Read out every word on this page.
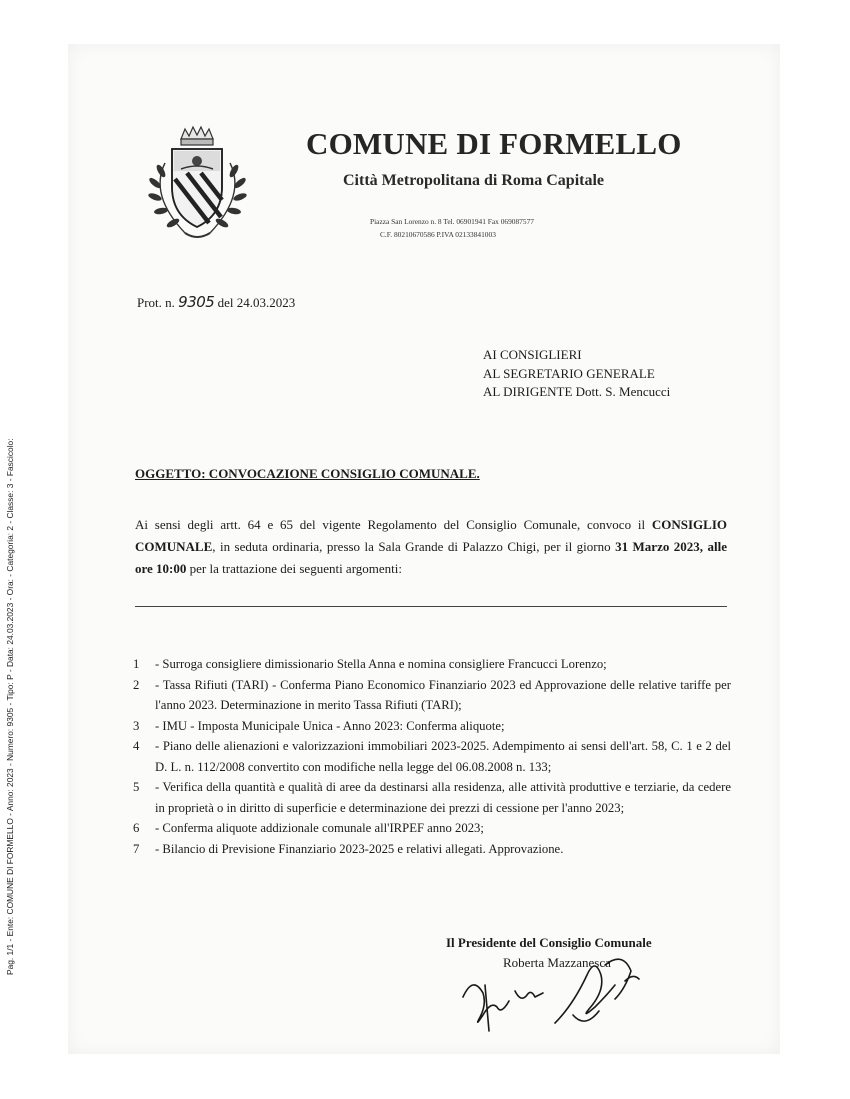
Pag. 1/1 - Ente: COMUNE DI FORMELLO - Anno: 2023 - Numero: 9305 - Tipo: P - Data: 24.03.2023 - Ora: - Categoria: 2 - Classe: 3 - Fascicolo:
COMUNE DI FORMELLO
Città Metropolitana di Roma Capitale
Piazza San Lorenzo n. 8 Tel. 06901941 Fax 069087577
C.F. 80210670586 P.IVA 02133841003
Prot. n. 9305 del 24.03.2023
AI CONSIGLIERI
AL SEGRETARIO GENERALE
AL DIRIGENTE Dott. S. Mencucci
OGGETTO: CONVOCAZIONE CONSIGLIO COMUNALE.
Ai sensi degli artt. 64 e 65 del vigente Regolamento del Consiglio Comunale, convoco il CONSIGLIO COMUNALE, in seduta ordinaria, presso la Sala Grande di Palazzo Chigi, per il giorno 31 Marzo 2023, alle ore 10:00 per la trattazione dei seguenti argomenti:
1	- Surroga consigliere dimissionario Stella Anna e nomina consigliere Francucci Lorenzo;
2	- Tassa Rifiuti (TARI) - Conferma Piano Economico Finanziario 2023 ed Approvazione delle relative tariffe per l'anno 2023. Determinazione in merito Tassa Rifiuti (TARI);
3	- IMU - Imposta Municipale Unica - Anno 2023: Conferma aliquote;
4	- Piano delle alienazioni e valorizzazioni immobiliari 2023-2025. Adempimento ai sensi dell'art. 58, C. 1 e 2 del D. L. n. 112/2008 convertito con modifiche nella legge del 06.08.2008 n. 133;
5	- Verifica della quantità e qualità di aree da destinarsi alla residenza, alle attività produttive e terziarie, da cedere in proprietà o in diritto di superficie e determinazione dei prezzi di cessione per l'anno 2023;
6	- Conferma aliquote addizionale comunale all'IRPEF anno 2023;
7	- Bilancio di Previsione Finanziario 2023-2025 e relativi allegati. Approvazione.
Il Presidente del Consiglio Comunale
Roberta Mazzanesca
